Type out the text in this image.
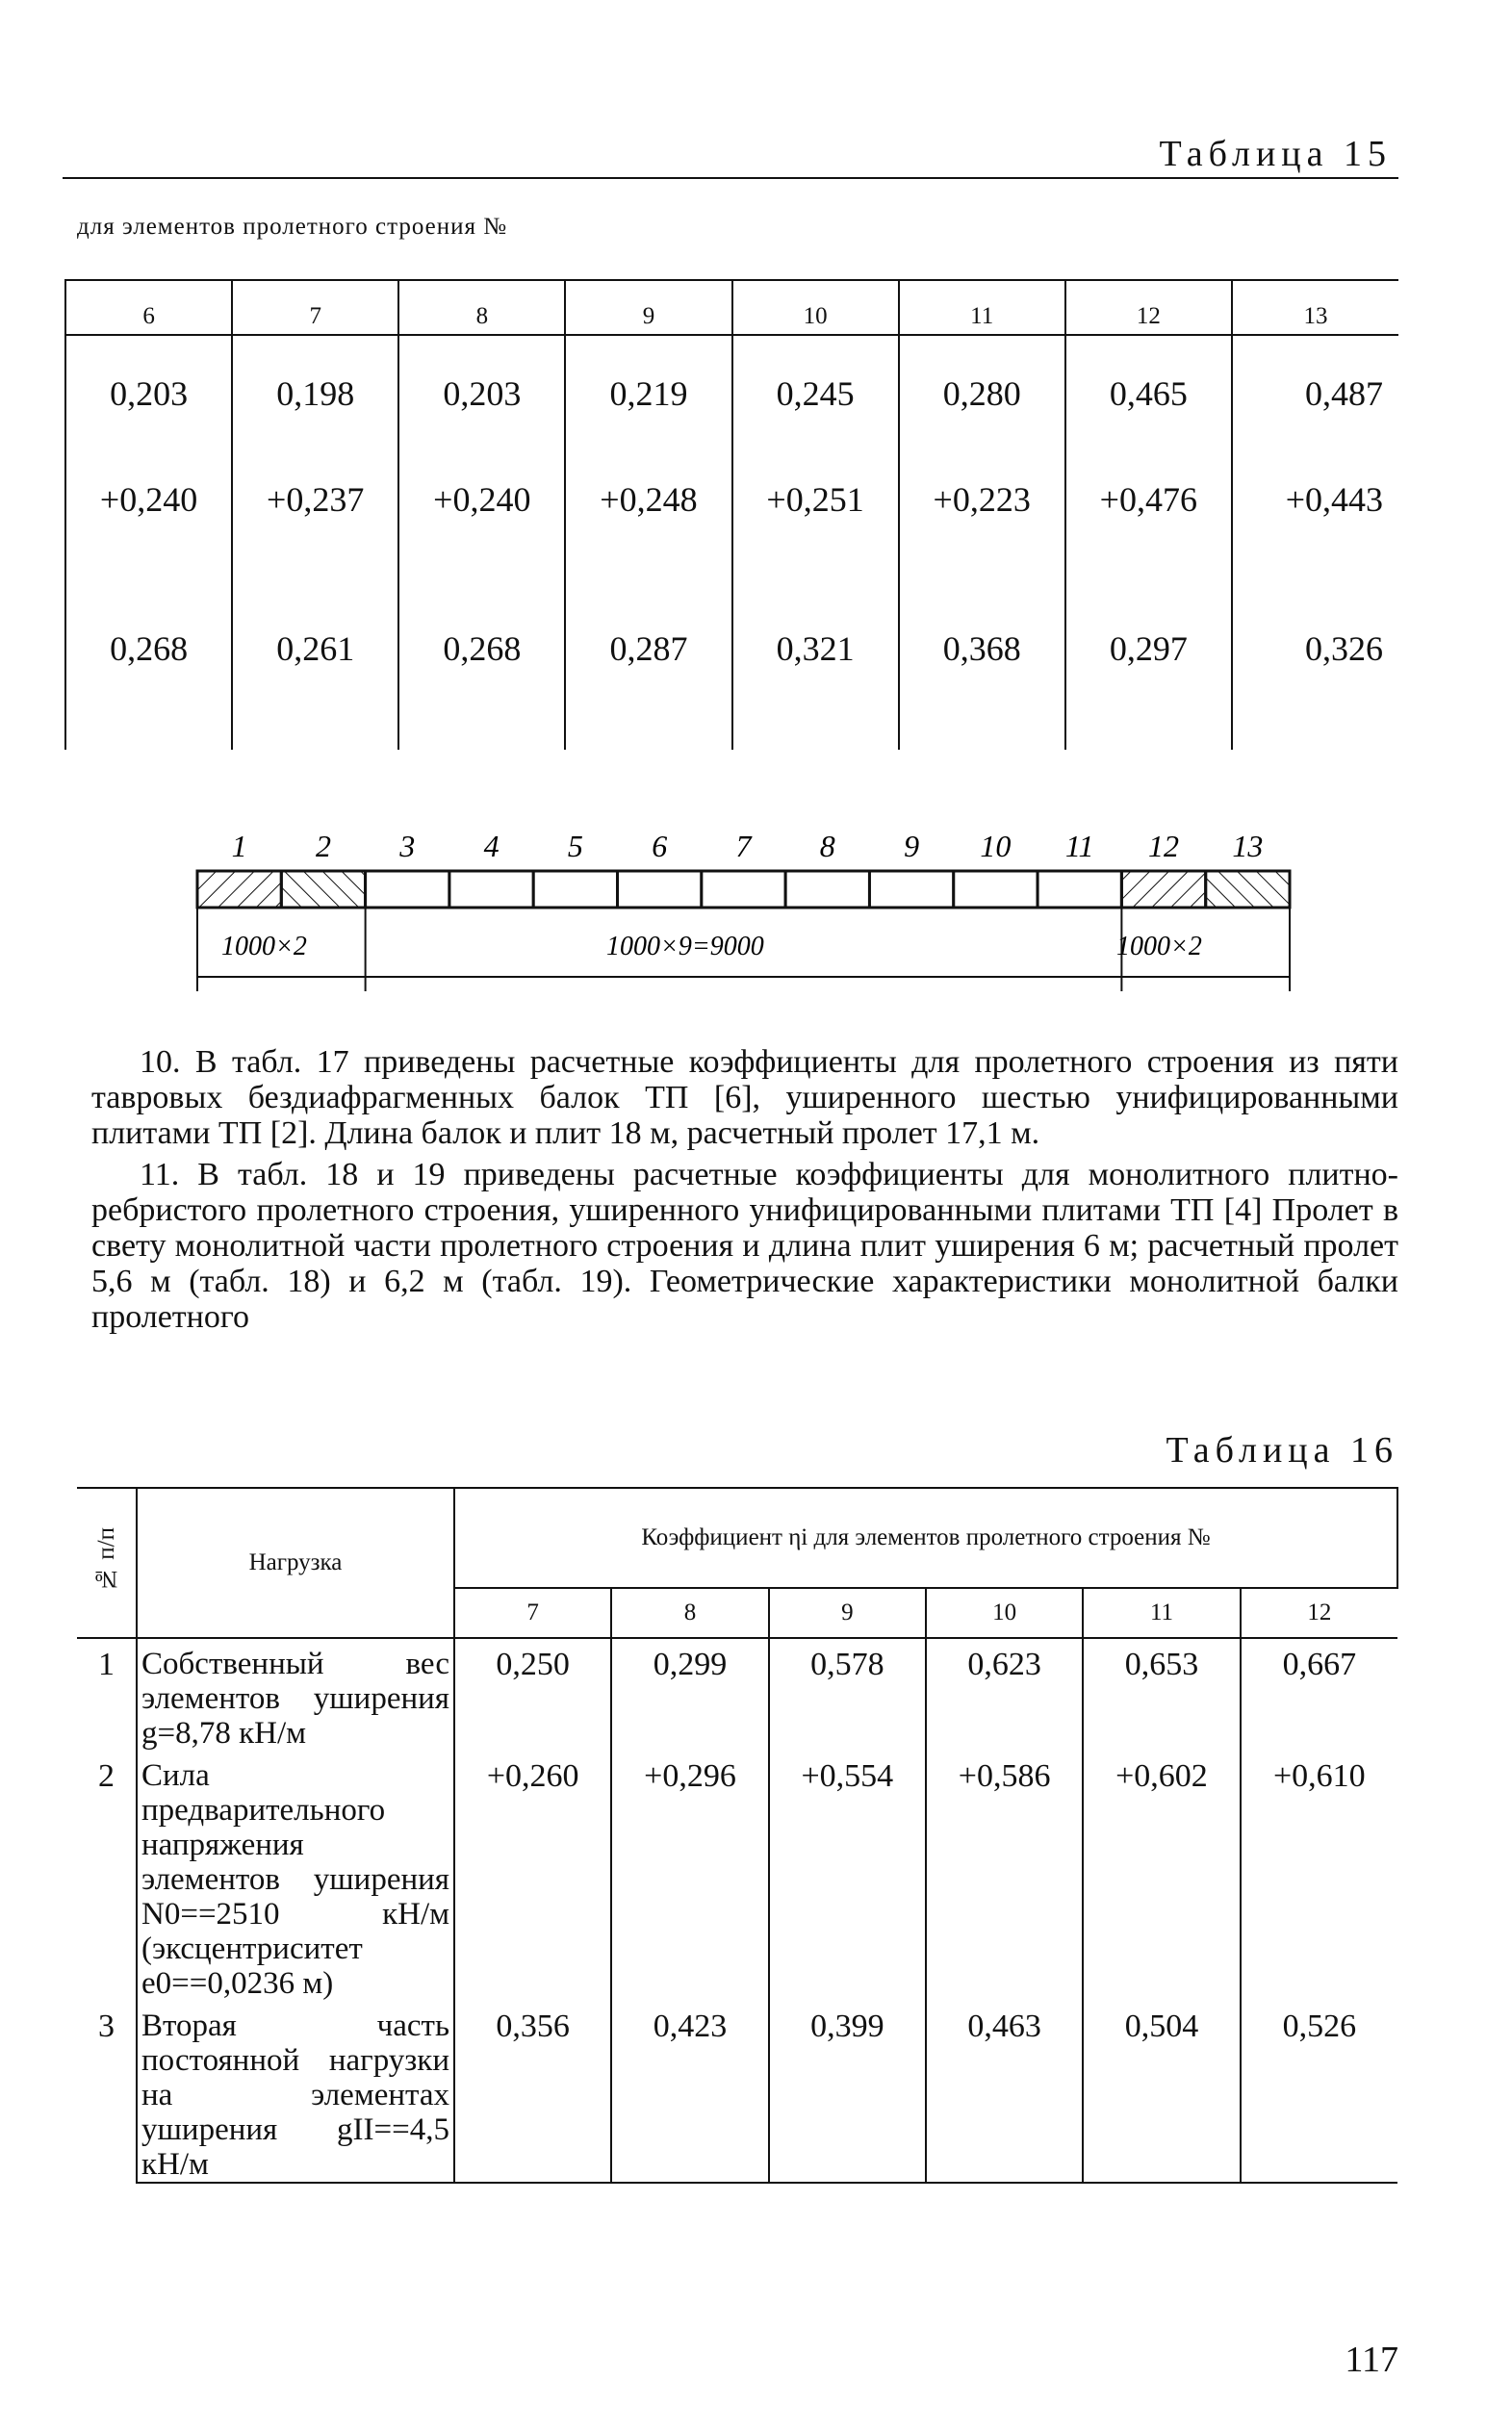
Таблица 15
для элементов пролетного строения №
6	7	8	9	10	11	12	13
0,203	0,198	0,203	0,219	0,245	0,280	0,465	0,487
+0,240	+0,237	+0,240	+0,248	+0,251	+0,223	+0,476	+0,443
0,268	0,261	0,268	0,287	0,321	0,368	0,297	0,326
1 2 3 4 5 6 7 8 9 10 11 12 13
1000×2	1000×9=9000	1000×2

10. В табл. 17 приведены расчетные коэффициенты для пролетного строения из пяти тавровых бездиафрагменных балок ТП [6], уширенного шестью унифицированными плитами ТП [2]. Длина балок и плит 18 м, расчетный пролет 17,1 м.

11. В табл. 18 и 19 приведены расчетные коэффициенты для монолитного плитно-ребристого пролетного строения, уширенного унифицированными плитами ТП [4] Пролет в свету монолитной части пролетного строения и длина плит уширения 6 м; расчетный пролет 5,6 м (табл. 18) и 6,2 м (табл. 19). Геометрические характеристики монолитной балки пролетного

Таблица 16
№ п/п	Нагрузка	Коэффициент ηi для элементов пролетного строения №					
		7	8	9	10	11	12
1	Собственный вес элементов уширения g=8,78 кН/м	0,250	0,299	0,578	0,623	0,653	0,667
2	Сила предварительного напряжения элементов уширения N0==2510 кН/м (эксцентриситет e0==0,0236 м)	+0,260	+0,296	+0,554	+0,586	+0,602	+0,610
3	Вторая часть постоянной нагрузки на элементах уширения gII==4,5 кН/м	0,356	0,423	0,399	0,463	0,504	0,526
117
